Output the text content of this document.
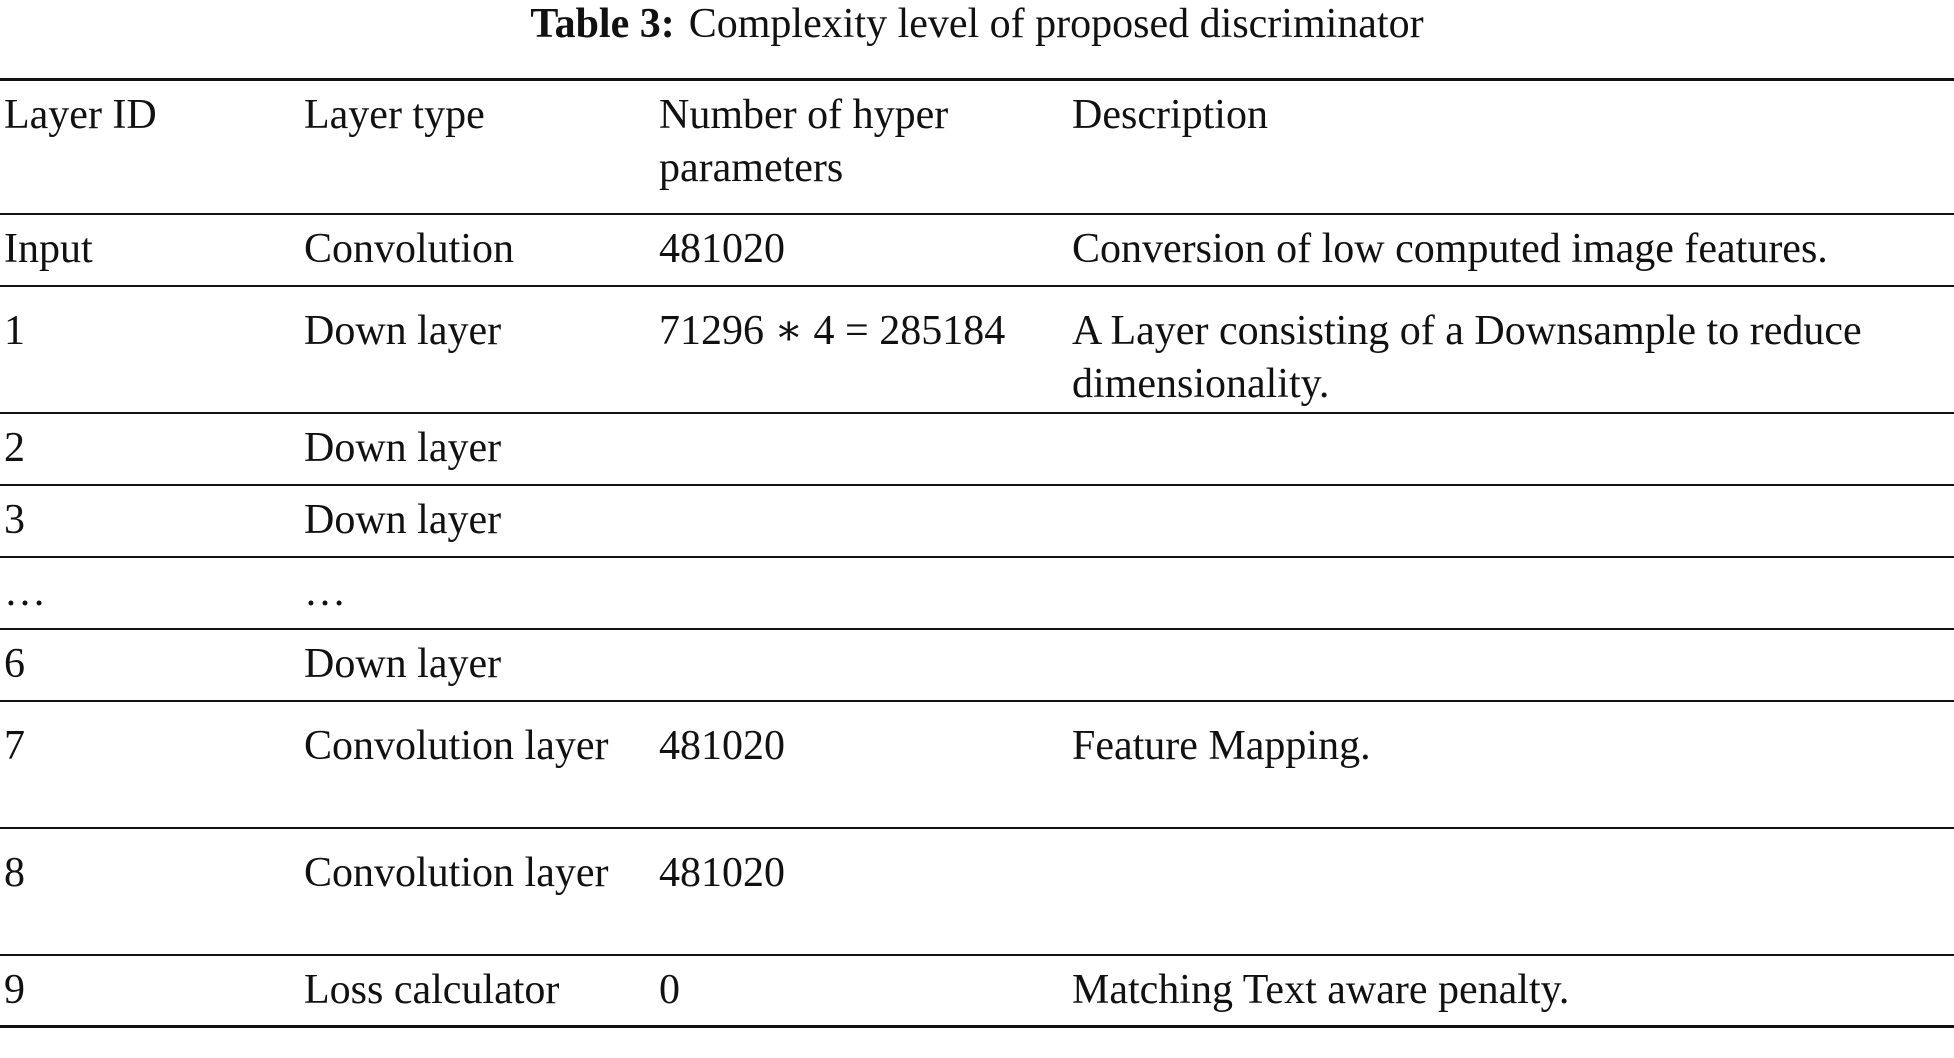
Table 3: Complexity level of proposed discriminator
Layer ID	Layer type	Number of hyper parameters	Description
Input	Convolution	481020	Conversion of low computed image features.
1	Down layer	71296 ∗ 4 = 285184	A Layer consisting of a Downsample to reduce dimensionality.
2	Down layer		
3	Down layer		
…	…		
6	Down layer		
7	Convolution layer	481020	Feature Mapping.
8	Convolution layer	481020	
9	Loss calculator	0	Matching Text aware penalty.
